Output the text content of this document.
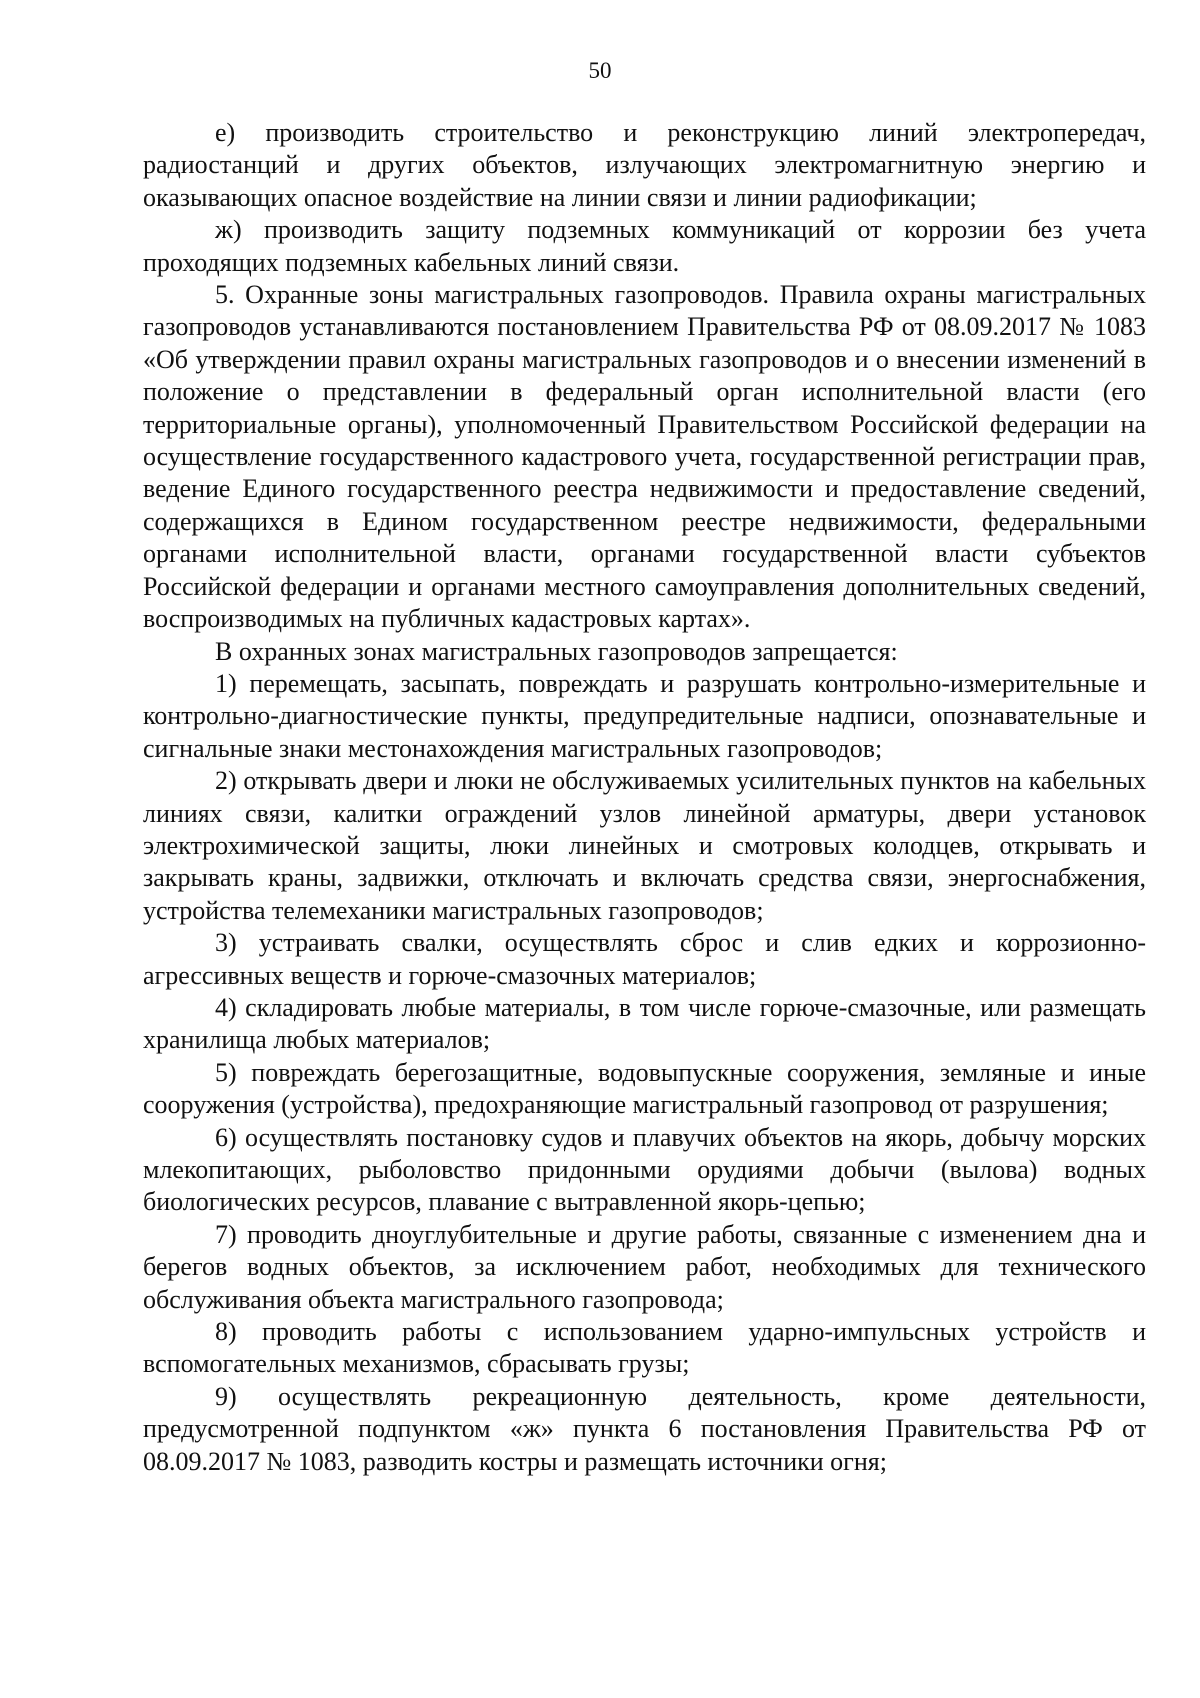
50

е) производить строительство и реконструкцию линий электропередач, радиостанций и других объектов, излучающих электромагнитную энергию и оказывающих опасное воздействие на линии связи и линии радиофикации;

ж) производить защиту подземных коммуникаций от коррозии без учета проходящих подземных кабельных линий связи.

5. Охранные зоны магистральных газопроводов. Правила охраны магистральных газопроводов устанавливаются постановлением Правительства РФ от 08.09.2017 № 1083 «Об утверждении правил охраны магистральных газопроводов и о внесении изменений в положение о представлении в федеральный орган исполнительной власти (его территориальные органы), уполномоченный Правительством Российской федерации на осуществление государственного кадастрового учета, государственной регистрации прав, ведение Единого государственного реестра недвижимости и предоставление сведений, содержащихся в Едином государственном реестре недвижимости, федеральными органами исполнительной власти, органами государственной власти субъектов Российской федерации и органами местного самоуправления дополнительных сведений, воспроизводимых на публичных кадастровых картах».

В охранных зонах магистральных газопроводов запрещается:

1) перемещать, засыпать, повреждать и разрушать контрольно-измерительные и контрольно-диагностические пункты, предупредительные надписи, опознавательные и сигнальные знаки местонахождения магистральных газопроводов;

2) открывать двери и люки не обслуживаемых усилительных пунктов на кабельных линиях связи, калитки ограждений узлов линейной арматуры, двери установок электрохимической защиты, люки линейных и смотровых колодцев, открывать и закрывать краны, задвижки, отключать и включать средства связи, энергоснабжения, устройства телемеханики магистральных газопроводов;

3) устраивать свалки, осуществлять сброс и слив едких и коррозионно-агрессивных веществ и горюче-смазочных материалов;

4) складировать любые материалы, в том числе горюче-смазочные, или размещать хранилища любых материалов;

5) повреждать берегозащитные, водовыпускные сооружения, земляные и иные сооружения (устройства), предохраняющие магистральный газопровод от разрушения;

6) осуществлять постановку судов и плавучих объектов на якорь, добычу морских млекопитающих, рыболовство придонными орудиями добычи (вылова) водных биологических ресурсов, плавание с вытравленной якорь-цепью;

7) проводить дноуглубительные и другие работы, связанные с изменением дна и берегов водных объектов, за исключением работ, необходимых для технического обслуживания объекта магистрального газопровода;

8) проводить работы с использованием ударно-импульсных устройств и вспомогательных механизмов, сбрасывать грузы;

9) осуществлять рекреационную деятельность, кроме деятельности, предусмотренной подпунктом «ж» пункта 6 постановления Правительства РФ от 08.09.2017 № 1083, разводить костры и размещать источники огня;
